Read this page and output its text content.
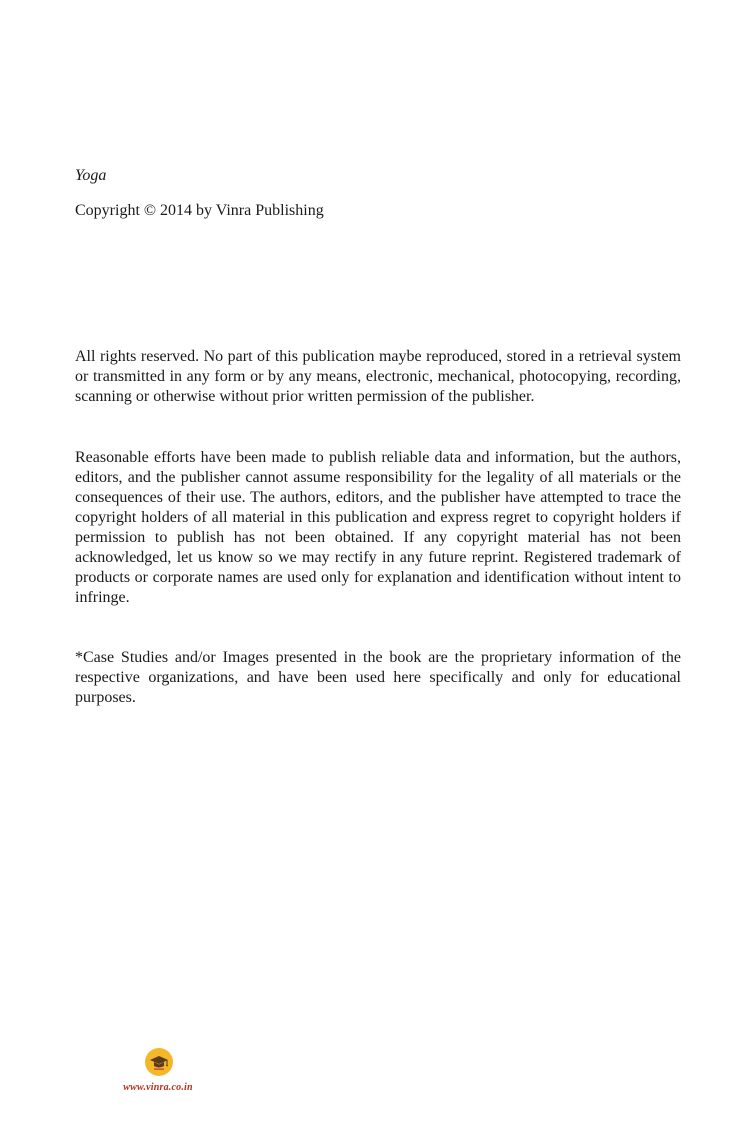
Yoga

Copyright © 2014 by Vinra Publishing

All rights reserved. No part of this publication maybe reproduced, stored in a retrieval system or transmitted in any form or by any means, electronic, mechanical, photocopying, recording, scanning or otherwise without prior written permission of the publisher.

Reasonable efforts have been made to publish reliable data and information, but the authors, editors, and the publisher cannot assume responsibility for the legality of all materials or the consequences of their use. The authors, editors, and the publisher have attempted to trace the copyright holders of all material in this publication and express regret to copyright holders if permission to publish has not been obtained. If any copyright material has not been acknowledged, let us know so we may rectify in any future reprint. Registered trademark of products or corporate names are used only for explanation and identification without intent to infringe.

*Case Studies and/or Images presented in the book are the proprietary information of the respective organizations, and have been used here specifically and only for educational purposes.

www.vinra.co.in
